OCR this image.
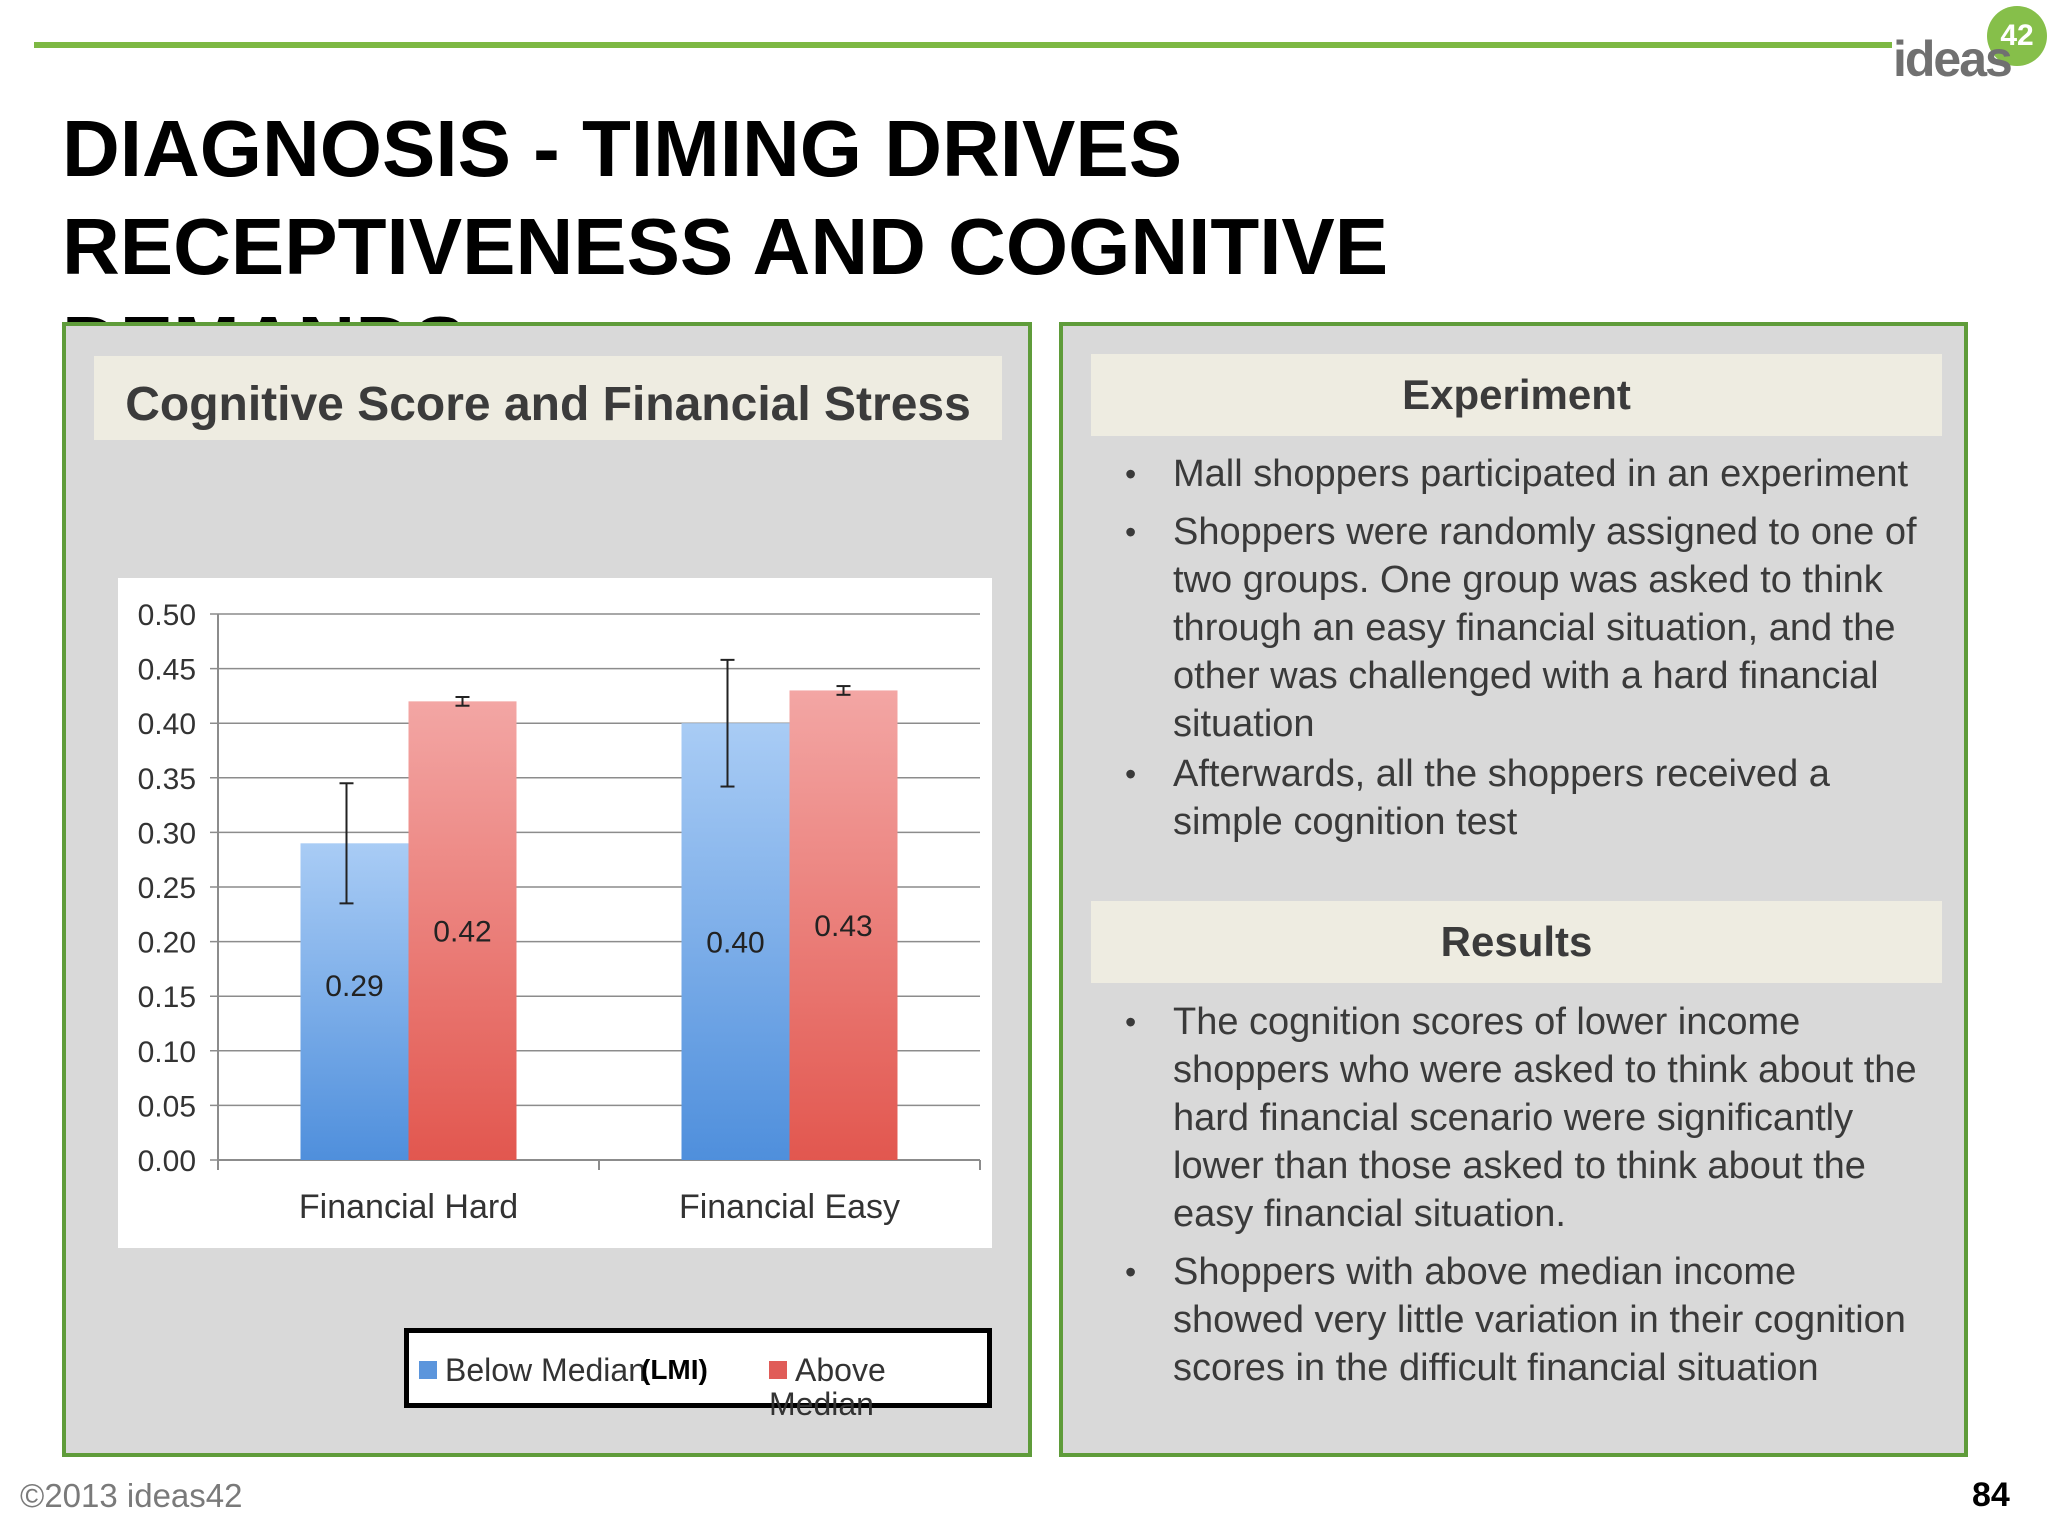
42
ideas
DIAGNOSIS - TIMING DRIVES RECEPTIVENESS AND COGNITIVE
Cognitive Score and Financial Stress
0.00
0.05
0.10
0.15
0.20
0.25
0.30
0.35
0.40
0.45
0.50
Financial Hard
0.29
0.42
Financial Easy
0.40 0.43
Below Median
(LMI)	Above Median
Experiment
• Mall shoppers participated in an experiment
• Shoppers were randomly assigned to one of two groups. One group was asked to think through an easy financial situation, and the other was challenged with a hard financial situation
• Afterwards, all the shoppers received a simple cognition test
Results
• The cognition scores of lower income shoppers who were asked to think about the hard financial scenario were significantly lower than those asked to think about the easy financial situation.
• Shoppers with above median income showed very little variation in their cognition scores in the difficult financial situation
©2013 ideas42	84
